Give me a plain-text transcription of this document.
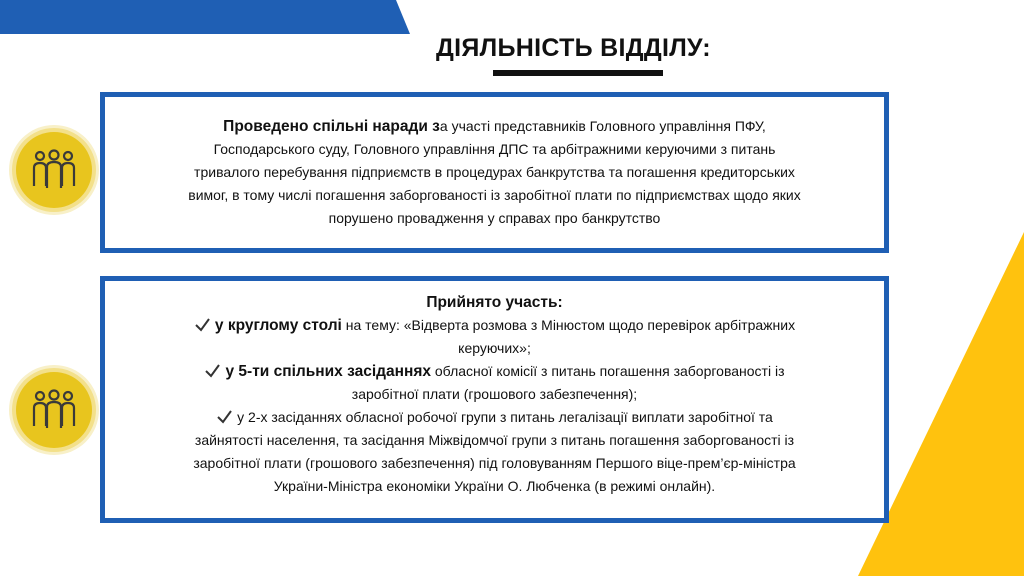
ДІЯЛЬНІСТЬ ВІДДІЛУ:

Проведено спільні наради за участі представників Головного управління ПФУ,
Господарського суду, Головного управління ДПС та арбітражними керуючими з питань
тривалого перебування підприємств в процедурах банкрутства та погашення кредиторських
вимог, в тому числі погашення заборгованості із заробітної плати по підприємствах щодо яких
порушено провадження у справах про банкрутство

Прийнято участь:

у круглому столі на тему: «Відверта розмова з Мінюстом щодо перевірок арбітражних
керуючих»;

у 5-ти спільних засіданнях обласної комісії з питань погашення заборгованості із
заробітної плати (грошового забезпечення);

у 2-х засіданнях обласної робочої групи з питань легалізації виплати заробітної та
зайнятості населення, та засідання Міжвідомчої групи з питань погашення заборгованості із
заробітної плати (грошового забезпечення) під головуванням Першого віце-прем’єр-міністра
України-Міністра економіки України О. Любченка (в режимі онлайн).
